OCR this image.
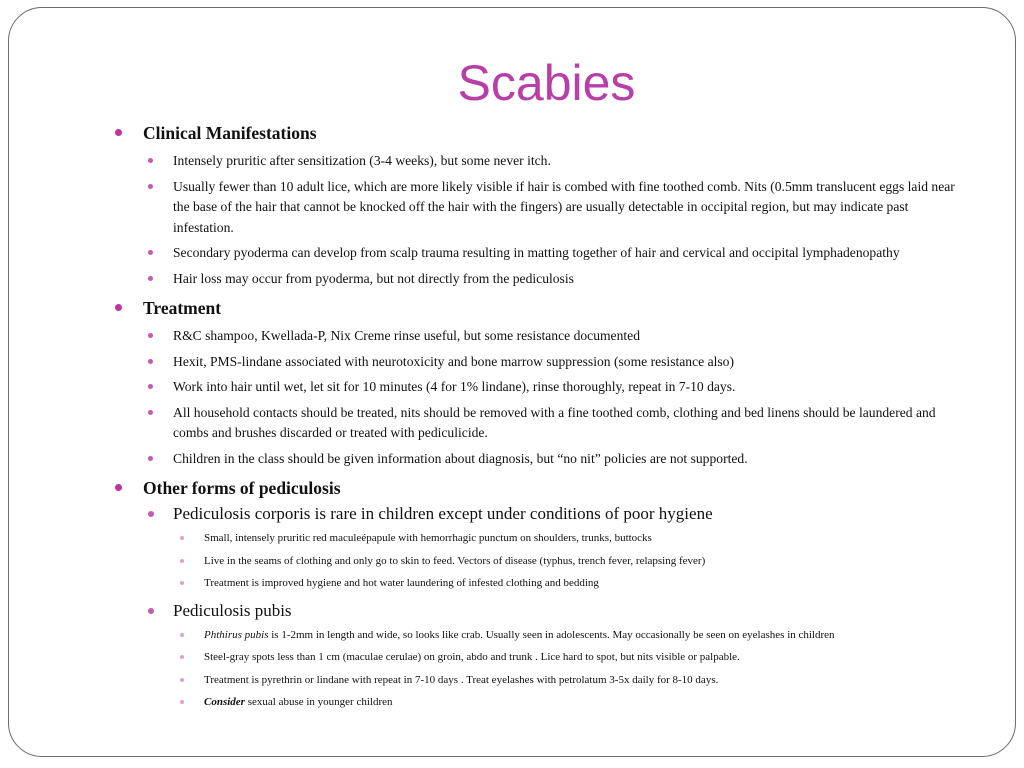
Scabies
Clinical Manifestations
Intensely pruritic after sensitization (3-4 weeks), but some never itch.
Usually fewer than 10 adult lice, which are more likely visible if hair is combed with fine toothed comb. Nits (0.5mm translucent eggs laid near the base of the hair that cannot be knocked off the hair with the fingers) are usually detectable in occipital region, but may indicate past infestation.
Secondary pyoderma can develop from scalp trauma resulting in matting together of hair and cervical and occipital lymphadenopathy
Hair loss may occur from pyoderma, but not directly from the pediculosis
Treatment
R&C shampoo, Kwellada-P, Nix Creme rinse useful, but some resistance documented
Hexit, PMS-lindane associated with neurotoxicity and bone marrow suppression (some resistance also)
Work into hair until wet, let sit for 10 minutes (4 for 1% lindane), rinse thoroughly, repeat in 7-10 days.
All household contacts should be treated, nits should be removed with a fine toothed comb, clothing and bed linens should be laundered and combs and brushes discarded or treated with pediculicide.
Children in the class should be given information about diagnosis, but “no nit” policies are not supported.
Other forms of pediculosis
Pediculosis corporis is rare in children except under conditions of poor hygiene
Small, intensely pruritic red maculeépapule with hemorrhagic punctum on shoulders, trunks, buttocks
Live in the seams of clothing and only go to skin to feed. Vectors of disease (typhus, trench fever, relapsing fever)
Treatment is improved hygiene and hot water laundering of infested clothing and bedding
Pediculosis pubis
Phthirus pubis is 1-2mm in length and wide, so looks like crab. Usually seen in adolescents. May occasionally be seen on eyelashes in children
Steel-gray spots less than 1 cm (maculae cerulae) on groin, abdo and trunk . Lice hard to spot, but nits visible or palpable.
Treatment is pyrethrin or lindane with repeat in 7-10 days . Treat eyelashes with petrolatum 3-5x daily for 8-10 days.
Consider sexual abuse in younger children
